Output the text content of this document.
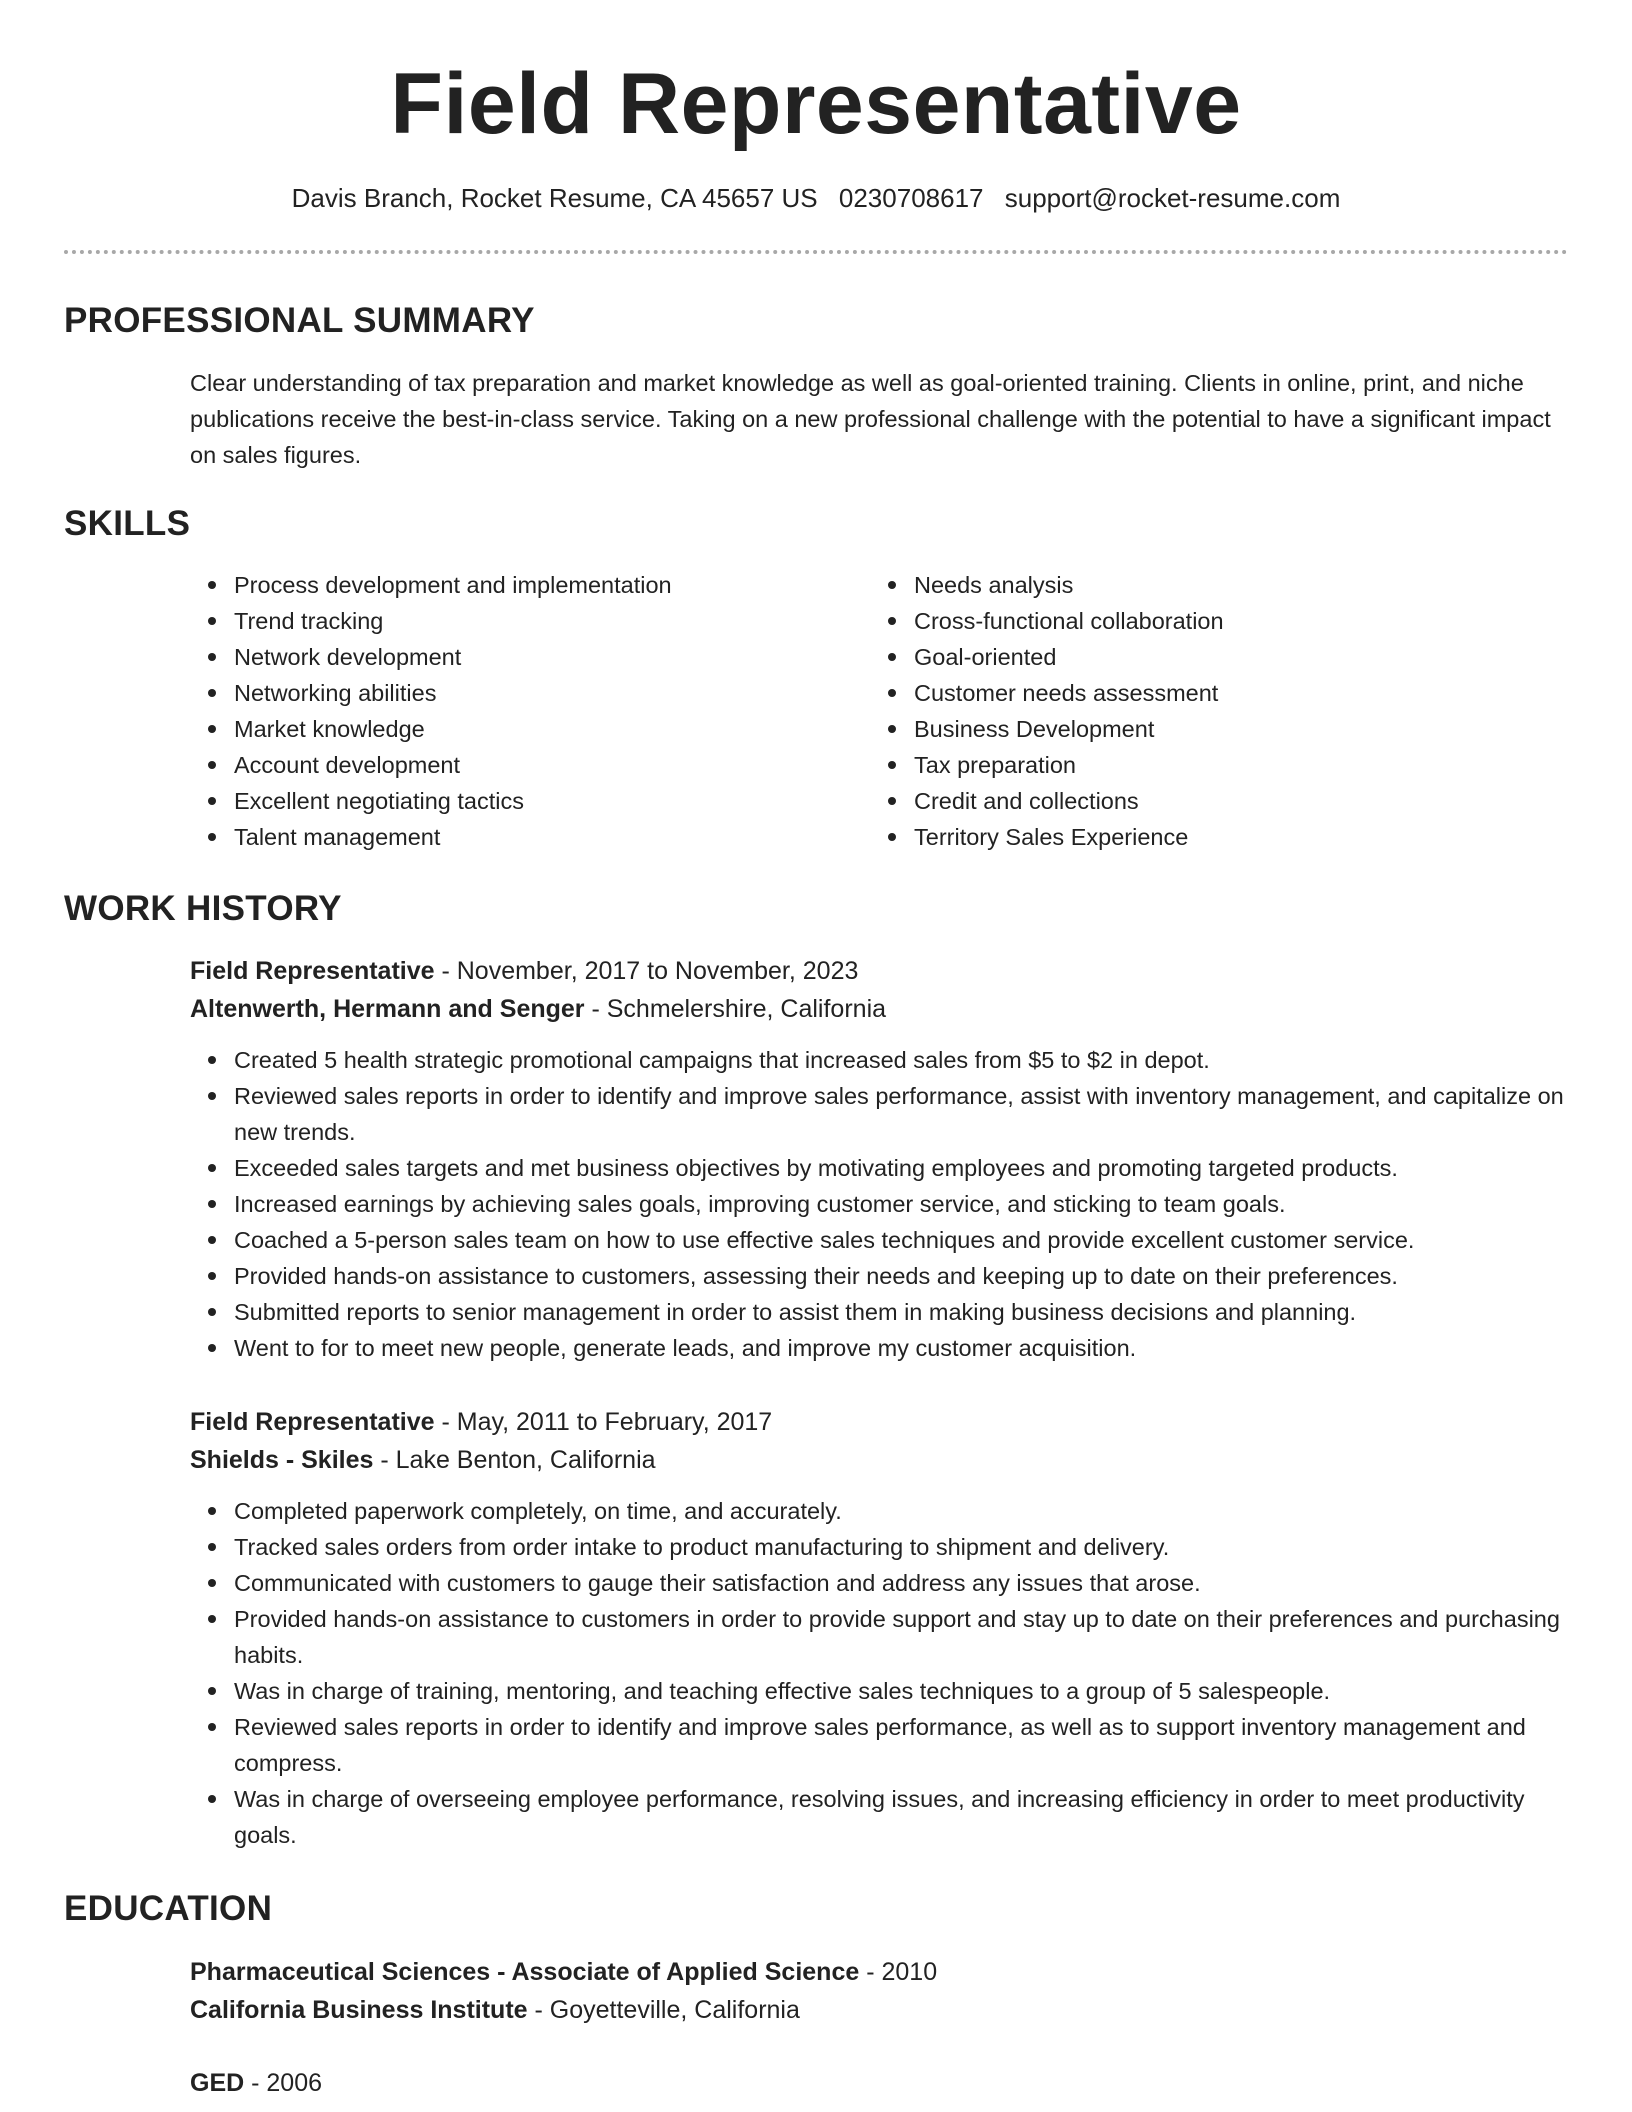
Field Representative
Davis Branch, Rocket Resume, CA 45657 US 0230708617 support@rocket-resume.com
PROFESSIONAL SUMMARY

Clear understanding of tax preparation and market knowledge as well as goal-oriented training. Clients in online, print, and niche publications receive the best-in-class service. Taking on a new professional challenge with the potential to have a significant impact on sales figures.

SKILLS
Process development and implementation
Trend tracking
Network development
Networking abilities
Market knowledge
Account development
Excellent negotiating tactics
Talent management
Needs analysis
Cross-functional collaboration
Goal-oriented
Customer needs assessment
Business Development
Tax preparation
Credit and collections
Territory Sales Experience
WORK HISTORY
Field Representative - November, 2017 to November, 2023
Altenwerth, Hermann and Senger - Schmelershire, California
Created 5 health strategic promotional campaigns that increased sales from $5 to $2 in depot.
Reviewed sales reports in order to identify and improve sales performance, assist with inventory management, and capitalize on new trends.
Exceeded sales targets and met business objectives by motivating employees and promoting targeted products.
Increased earnings by achieving sales goals, improving customer service, and sticking to team goals.
Coached a 5-person sales team on how to use effective sales techniques and provide excellent customer service.
Provided hands-on assistance to customers, assessing their needs and keeping up to date on their preferences.
Submitted reports to senior management in order to assist them in making business decisions and planning.
Went to for to meet new people, generate leads, and improve my customer acquisition.
Field Representative - May, 2011 to February, 2017
Shields - Skiles - Lake Benton, California
Completed paperwork completely, on time, and accurately.
Tracked sales orders from order intake to product manufacturing to shipment and delivery.
Communicated with customers to gauge their satisfaction and address any issues that arose.
Provided hands-on assistance to customers in order to provide support and stay up to date on their preferences and purchasing habits.
Was in charge of training, mentoring, and teaching effective sales techniques to a group of 5 salespeople.
Reviewed sales reports in order to identify and improve sales performance, as well as to support inventory management and compress.
Was in charge of overseeing employee performance, resolving issues, and increasing efficiency in order to meet productivity goals.
EDUCATION
Pharmaceutical Sciences - Associate of Applied Science - 2010
California Business Institute - Goyetteville, California
GED - 2006
